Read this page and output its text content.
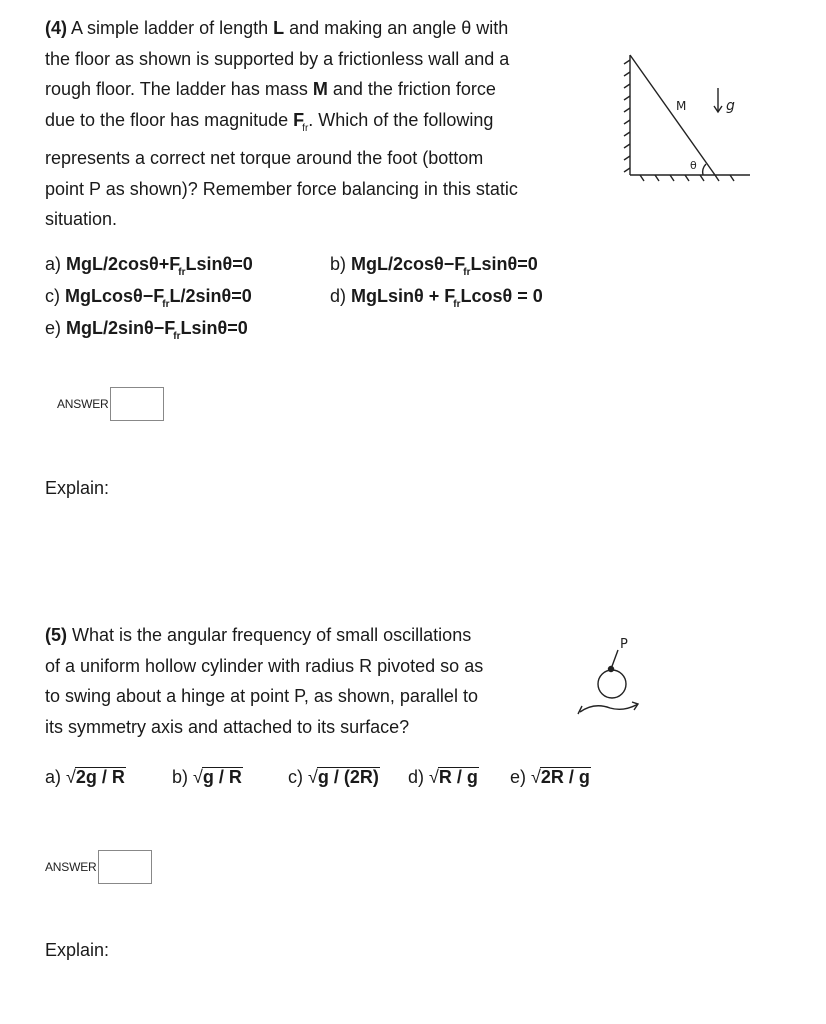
(4) A simple ladder of length L and making an angle θ with
the floor as shown is supported by a frictionless wall and a
rough floor. The ladder has mass M and the friction force
due to the floor has magnitude $F_{fr}$. Which of the following
represents a correct net torque around the foot (bottom
point P as shown)? Remember force balancing in this static
situation.
M	g
θ
a) MgL/$2\cos\theta+F_{fr}Lsin\theta=0$	b) MgL/$2\cos\theta-F_{fr}Lsin\theta=0$
c) $MgLcos\theta-F_{fr}L/2\sin\theta=0$	d) $MgLsin\theta + F_{fr}Lcos\theta = 0$
e) MgL/$2\sin\theta-F_{fr}Lsin\theta=0$
ANSWER
Explain:
(5) What is the angular frequency of small oscillations
of a uniform hollow cylinder with radius R pivoted so as
to swing about a hinge at point P, as shown, parallel to
its symmetry axis and attached to its surface?
P
a) √2g / R	b) √g / R	c) √g / (2R) d) √R / g e) √2R / g
ANSWER
Explain:
